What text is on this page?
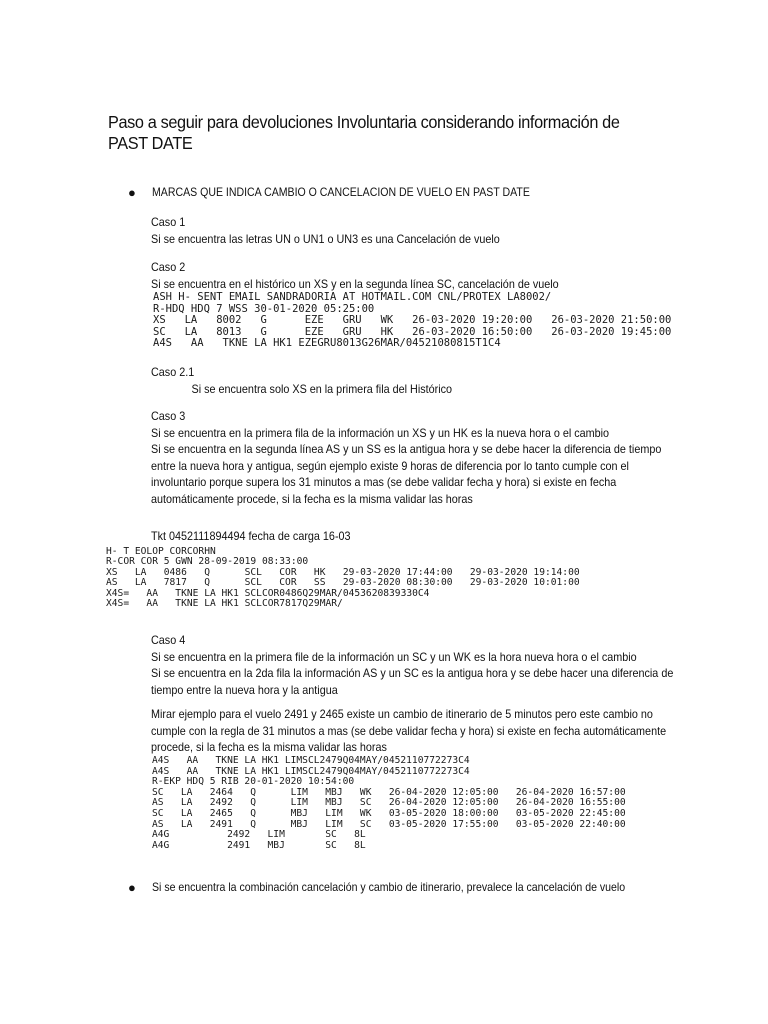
Paso a seguir para devoluciones Involuntaria considerando información de PAST DATE
● MARCAS QUE INDICA CAMBIO O CANCELACION DE VUELO EN PAST DATE
Caso 1
Si se encuentra las letras UN o UN1 o UN3 es una Cancelación de vuelo
Caso 2
Si se encuentra en el histórico un XS y en la segunda línea SC, cancelación de vuelo
ASH H- SENT EMAIL SANDRADORIA AT HOTMAIL.COM CNL/PROTEX LA8002/
R-HDQ HDQ 7 WSS 30-01-2020 05:25:00
XS   LA   8002   G      EZE   GRU   WK   26-03-2020 19:20:00   26-03-2020 21:50:00
SC   LA   8013   G      EZE   GRU   HK   26-03-2020 16:50:00   26-03-2020 19:45:00
A4S   AA   TKNE LA HK1 EZEGRU8013G26MAR/04521080815T1C4
Caso 2.1
Si se encuentra solo XS en la primera fila del Histórico
Caso 3
Si se encuentra en la primera fila de la información un XS y un HK es la nueva hora o el cambio
Si se encuentra en la segunda línea AS y un SS es la antigua hora y se debe hacer la diferencia de tiempo
entre la nueva hora y antigua, según ejemplo existe 9 horas de diferencia por lo tanto cumple con el
involuntario porque supera los 31 minutos a mas (se debe validar fecha y hora) si existe en fecha
automáticamente procede, si la fecha es la misma validar las horas
Tkt 0452111894494 fecha de carga 16-03
H- T EOLOP CORCORHN
R-COR COR 5 GWN 28-09-2019 08:33:00
XS   LA   0486   Q      SCL   COR   HK   29-03-2020 17:44:00   29-03-2020 19:14:00
AS   LA   7817   Q      SCL   COR   SS   29-03-2020 08:30:00   29-03-2020 10:01:00
X4S=   AA   TKNE LA HK1 SCLCOR0486Q29MAR/0453620839330C4
X4S=   AA   TKNE LA HK1 SCLCOR7817Q29MAR/
Caso 4
Si se encuentra en la primera file de la información un SC y un WK es la hora nueva hora o el cambio
Si se encuentra en la 2da fila la información AS y un SC es la antigua hora y se debe hacer una diferencia de
tiempo entre la nueva hora y la antigua
Mirar ejemplo para el vuelo 2491 y 2465 existe un cambio de itinerario de 5 minutos pero este cambio no
cumple con la regla de 31 minutos a mas (se debe validar fecha y hora) si existe en fecha automáticamente
procede, si la fecha es la misma validar las horas
A4S   AA   TKNE LA HK1 LIMSCL2479Q04MAY/0452110772273C4
A4S   AA   TKNE LA HK1 LIMSCL2479Q04MAY/0452110772273C4
R-EKP HDQ 5 RIB 20-01-2020 10:54:00
SC   LA   2464   Q      LIM   MBJ   WK   26-04-2020 12:05:00   26-04-2020 16:57:00
AS   LA   2492   Q      LIM   MBJ   SC   26-04-2020 12:05:00   26-04-2020 16:55:00
SC   LA   2465   Q      MBJ   LIM   WK   03-05-2020 18:00:00   03-05-2020 22:45:00
AS   LA   2491   Q      MBJ   LIM   SC   03-05-2020 17:55:00   03-05-2020 22:40:00
A4G          2492   LIM       SC   8L
A4G          2491   MBJ       SC   8L
● Si se encuentra la combinación cancelación y cambio de itinerario, prevalece la cancelación de vuelo
